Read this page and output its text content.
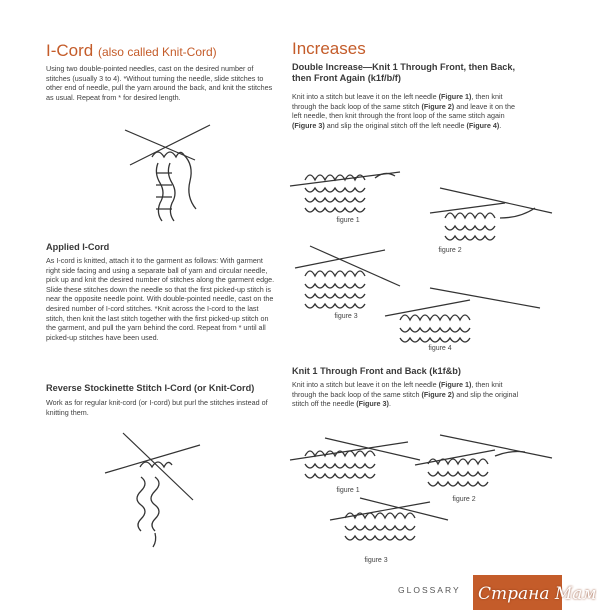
I-Cord (also called Knit-Cord)
Using two double-pointed needles, cast on the desired number of stitches (usually 3 to 4). *Without turning the needle, slide stitches to other end of needle, pull the yarn around the back, and knit the stitches as usual. Repeat from * for desired length.
Applied I-Cord
As I-cord is knitted, attach it to the garment as follows: With garment right side facing and using a separate ball of yarn and circular needle, pick up and knit the desired number of stitches along the garment edge. Slide these stitches down the needle so that the first picked-up stitch is near the opposite needle point. With double-pointed needle, cast on the desired number of I-cord stitches. *Knit across the I-cord to the last stitch, then knit the last stitch together with the first picked-up stitch on the garment, and pull the yarn behind the cord. Repeat from * until all picked-up stitches have been used.
Reverse Stockinette Stitch I-Cord (or Knit-Cord)
Work as for regular knit-cord (or I-cord) but purl the stitches instead of knitting them.
Increases
Double Increase—Knit 1 Through Front, then Back, then Front Again (k1f/b/f)
Knit into a stitch but leave it on the left needle (Figure 1), then knit through the back loop of the same stitch (Figure 2) and leave it on the left needle, then knit through the front loop of the same stitch again (Figure 3) and slip the original stitch off the left needle (Figure 4).
figure 1
figure 2
figure 3
figure 4
Knit 1 Through Front and Back (k1f&b)
Knit into a stitch but leave it on the left needle (Figure 1), then knit through the back loop of the same stitch (Figure 2) and slip the original stitch off the needle (Figure 3).
figure 1
figure 2
figure 3
GLOSSARY Страна Мам
